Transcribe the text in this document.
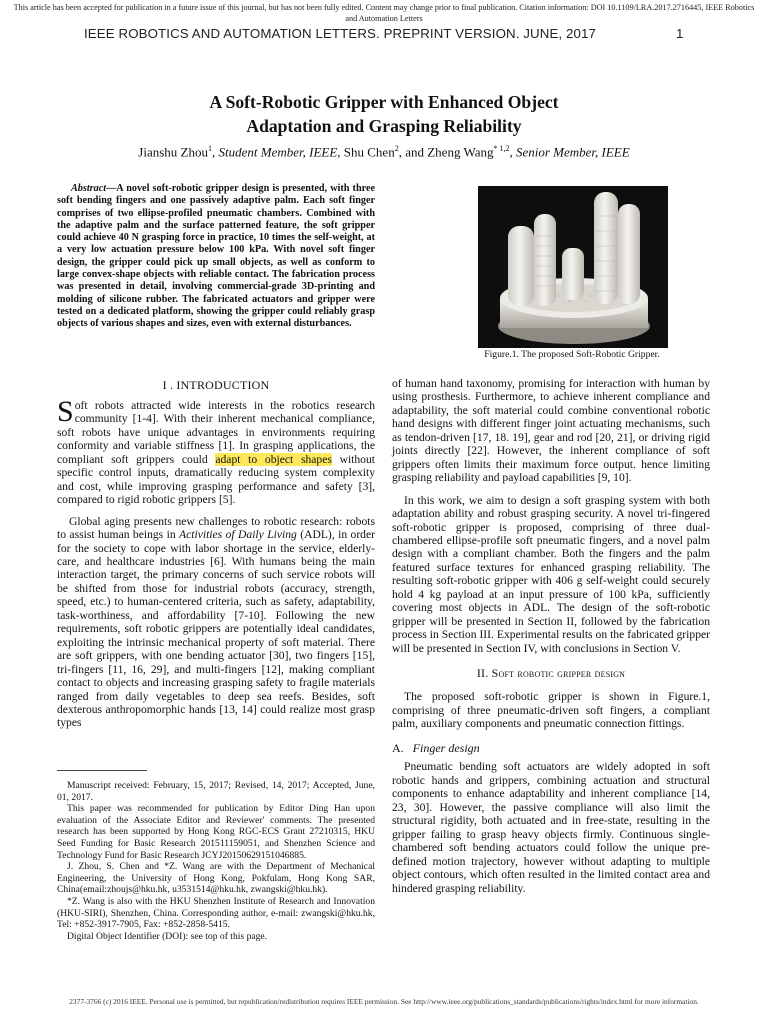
This article has been accepted for publication in a future issue of this journal, but has not been fully edited. Content may change prior to final publication. Citation information: DOI 10.1109/LRA.2017.2716445, IEEE Robotics and Automation Letters
IEEE ROBOTICS AND AUTOMATION LETTERS. PREPRINT VERSION. JUNE, 2017	1
A Soft-Robotic Gripper with Enhanced Object
Adaptation and Grasping Reliability
Jianshu Zhou$^1$, Student Member, IEEE, Shu Chen$^2$, and Zheng Wang$^{* 1,2}$, Senior Member, IEEE

Abstract—A novel soft-robotic gripper design is presented, with three soft bending fingers and one passively adaptive palm. Each soft finger comprises of two ellipse-profiled pneumatic chambers. Combined with the adaptive palm and the surface patterned feature, the soft gripper could achieve 40 N grasping force in practice, 10 times the self-weight, at a very low actuation pressure below 100 kPa. With novel soft finger design, the gripper could pick up small objects, as well as conform to large convex-shape objects with reliable contact. The fabrication process was presented in detail, involving commercial-grade 3D-printing and molding of silicone rubber. The fabricated actuators and gripper were tested on a dedicated platform, showing the gripper could reliably grasp objects of various shapes and sizes, even with external disturbances.

Figure.1. The proposed Soft-Robotic Gripper.
I . INTRODUCTION

Soft robots attracted wide interests in the robotics research community [1-4]. With their inherent mechanical compliance, soft robots have unique advantages in environments requiring conformity and variable stiffness [1]. In grasping applications, the compliant soft grippers could adapt to object shapes without specific control inputs, dramatically reducing system complexity and cost, while improving grasping performance and safety [3], compared to rigid robotic grippers [5].

Global aging presents new challenges to robotic research: robots to assist human beings in Activities of Daily Living (ADL), in order for the society to cope with labor shortage in the service, elderly-care, and healthcare industries [6]. With humans being the main interaction target, the primary concerns of such service robots will be shifted from those for industrial robots (accuracy, strength, speed, etc.) to human-centered criteria, such as safety, adaptability, task-worthiness, and affordability [7-10]. Following the new requirements, soft robotic grippers are potentially ideal candidates, exploiting the intrinsic mechanical property of soft material. There are soft grippers, with one bending actuator [30], two fingers [15], tri-fingers [11, 16, 29], and multi-fingers [12], making compliant contact to objects and increasing grasping safety to fragile materials ranged from daily vegetables to deep sea reefs. Besides, soft dexterous anthropomorphic hands [13, 14] could realize most grasp types

Manuscript received: February, 15, 2017; Revised, 14, 2017; Accepted, June, 01, 2017.

This paper was recommended for publication by Editor Ding Han upon evaluation of the Associate Editor and Reviewer' comments. The presented research has been supported by Hong Kong RGC-ECS Grant 27210315, HKU Seed Funding for Basic Research 201511159051, and Shenzhen Science and Technology Fund for Basic Research JCYJ20150629151046885.

J. Zhou, S. Chen and *Z. Wang are with the Department of Mechanical Engineering, the University of Hong Kong, Pokfulam, Hong Kong SAR, China(email:zhoujs@hku.hk, u3531514@hku.hk, zwangski@hku.hk).

*Z. Wang is also with the HKU Shenzhen Institute of Research and Innovation (HKU-SIRI), Shenzhen, China. Corresponding author, e-mail: zwangski@hku.hk, Tel: +852-3917-7905, Fax: +852-2858-5415.

Digital Object Identifier (DOI): see top of this page.

of human hand taxonomy, promising for interaction with human by using prosthesis. Furthermore, to achieve inherent compliance and adaptability, the soft material could combine conventional robotic hand designs with different finger joint actuating mechanisms, such as tendon-driven [17, 18. 19], gear and rod [20, 21], or driving rigid joints directly [22]. However, the inherent compliance of soft grippers often limits their maximum force output. hence limiting grasping reliability and payload capabilities [9, 10].

In this work, we aim to design a soft grasping system with both adaptation ability and robust grasping security. A novel tri-fingered soft-robotic gripper is proposed, comprising of three dual-chambered ellipse-profile soft pneumatic fingers, and a novel palm design with a compliant chamber. Both the fingers and the palm featured surface textures for enhanced grasping reliability. The resulting soft-robotic gripper with 406 g self-weight could securely hold 4 kg payload at an input pressure of 100 kPa, sufficiently covering most objects in ADL. The design of the soft-robotic gripper will be presented in Section II, followed by the fabrication process in Section III. Experimental results on the fabricated gripper will be presented in Section IV, with conclusions in Section V.

II. Soft robotic gripper design

The proposed soft-robotic gripper is shown in Figure.1, comprising of three pneumatic-driven soft fingers, a compliant palm, auxiliary components and pneumatic connection fittings.

A. Finger design

Pneumatic bending soft actuators are widely adopted in soft robotic hands and grippers, combining actuation and structural components to enhance adaptability and inherent compliance [14, 23, 30]. However, the passive compliance will also limit the structural rigidity, both actuated and in free-state, resulting in the gripper failing to grasp heavy objects firmly. Continuous single-chambered soft bending actuators could follow the unique pre-defined motion trajectory, however without adapting to multiple object contours, which often resulted in the limited contact area and hindered grasping reliability.

2377-3766 (c) 2016 IEEE. Personal use is permitted, but republication/redistribution requires IEEE permission. See http://www.ieee.org/publications_standards/publications/rights/index.html for more information.
